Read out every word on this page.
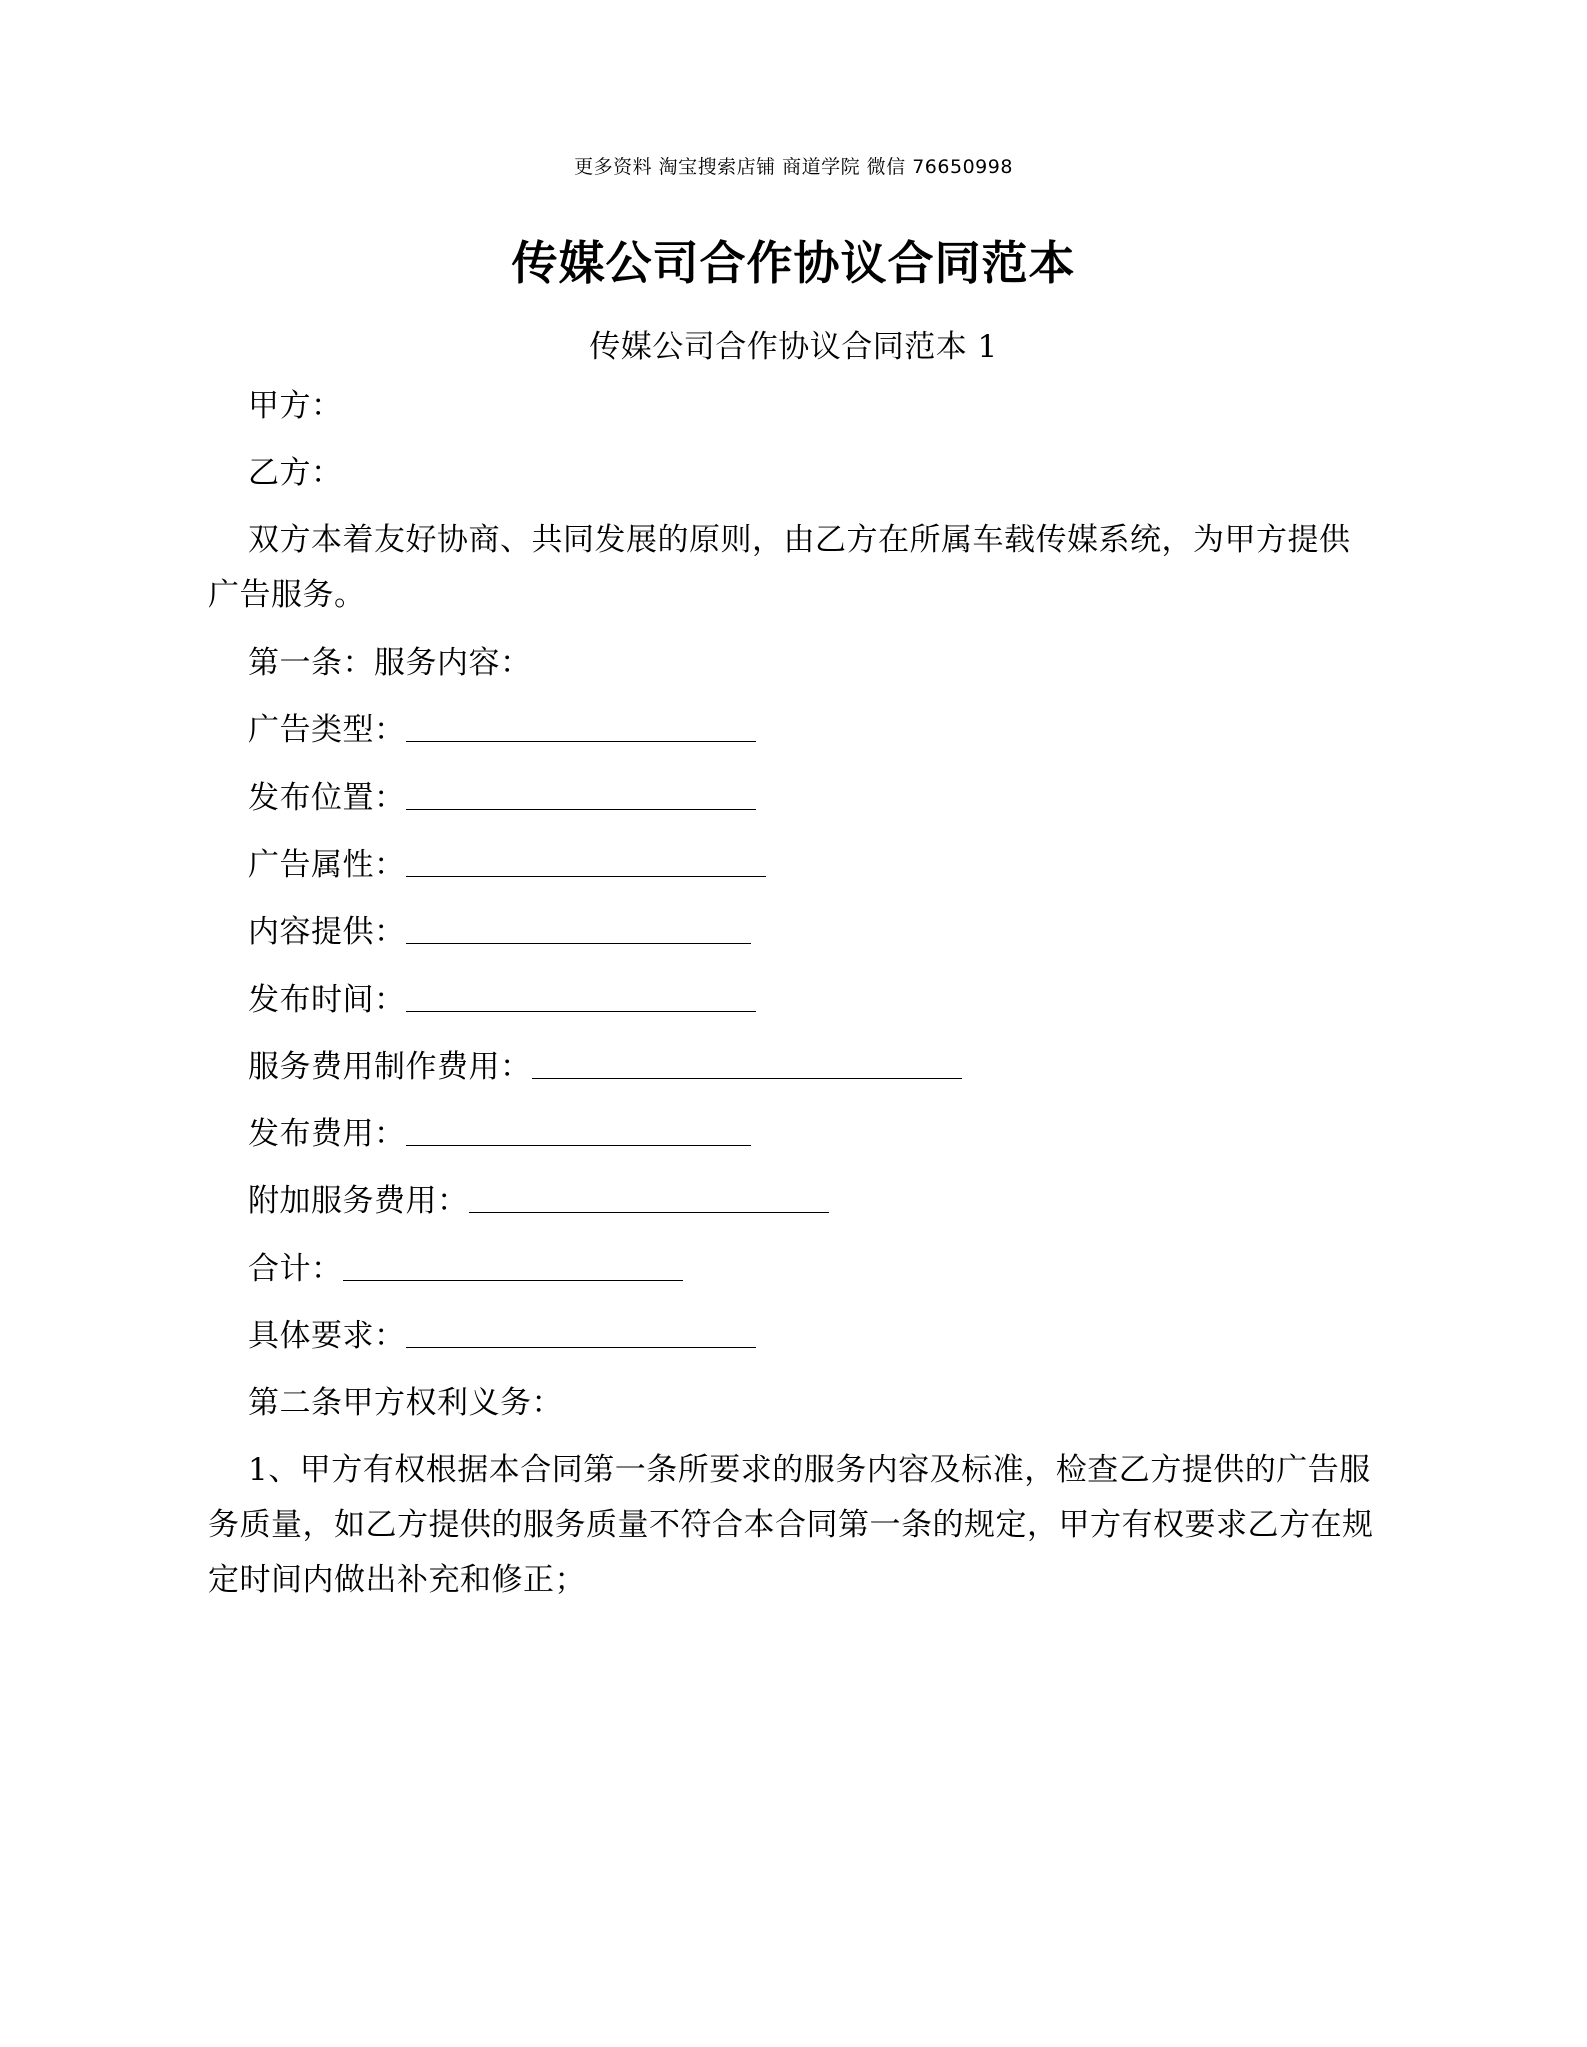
更多资料 淘宝搜索店铺 商道学院 微信 76650998
传媒公司合作协议合同范本
传媒公司合作协议合同范本 1

甲方：

乙方：

双方本着友好协商、共同发展的原则，由乙方在所属车载传媒系统，为甲方提供广告服务。

第一条：服务内容：

广告类型：

发布位置：

广告属性：

内容提供：

发布时间：

服务费用制作费用：

发布费用：

附加服务费用：

合计：

具体要求：

第二条甲方权利义务：

1、甲方有权根据本合同第一条所要求的服务内容及标准，检查乙方提供的广告服务质量，如乙方提供的服务质量不符合本合同第一条的规定，甲方有权要求乙方在规定时间内做出补充和修正；
